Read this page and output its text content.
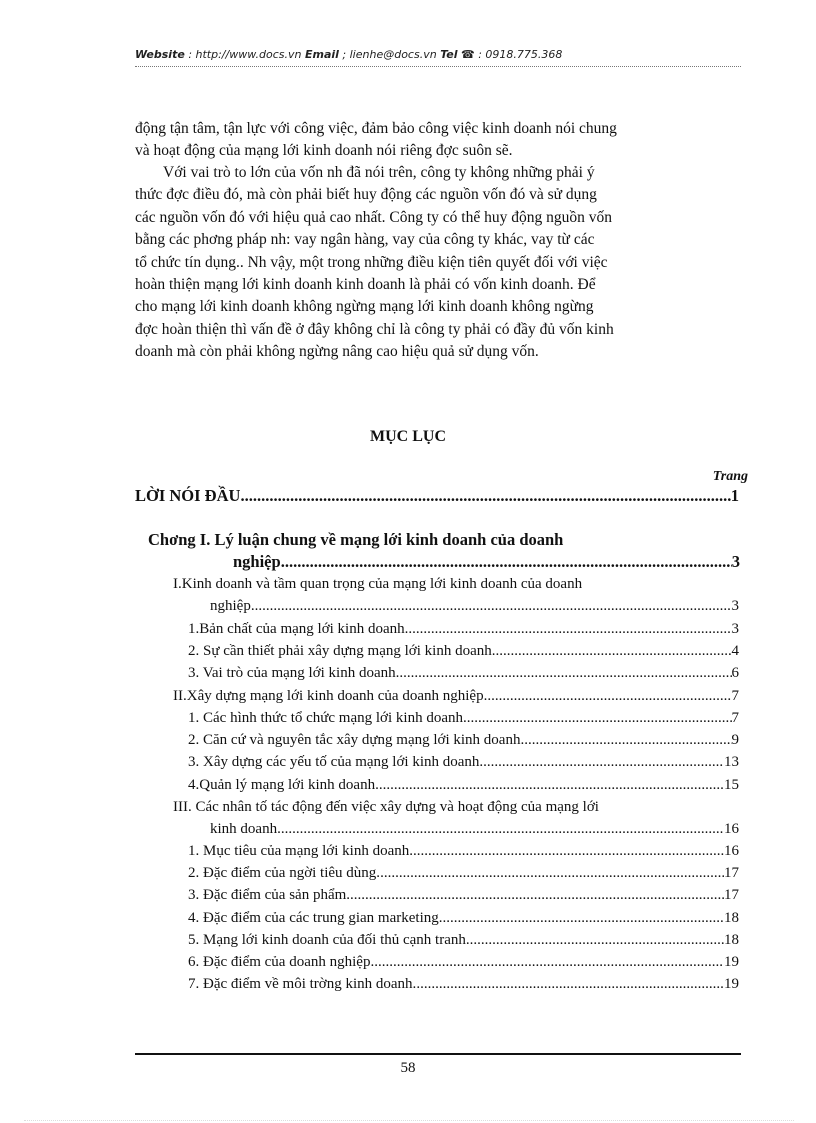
Website : http://www.docs.vn Email ; lienhe@docs.vn Tel ☎ : 0918.775.368
động tận tâm, tận lực với công việc, đảm bảo công việc kinh doanh nói chung
và hoạt động của mạng lới kinh doanh nói riêng đợc suôn sẽ.
Với vai trò to lớn của vốn nh đã nói trên, công ty không những phải ý
thức đợc điều đó, mà còn phải biết huy động các nguồn vốn đó và sử dụng
các nguồn vốn đó với hiệu quả cao nhất. Công ty có thể huy động nguồn vốn
bằng các phơng pháp nh: vay ngân hàng, vay của công ty khác, vay từ các
tổ chức tín dụng.. Nh vậy, một trong những điều kiện tiên quyết đối với việc
hoàn thiện mạng lới kinh doanh kinh doanh là phải có vốn kinh doanh. Để
cho mạng lới kinh doanh không ngừng mạng lới kinh doanh không ngừng
đợc hoàn thiện thì vấn đề ở đây không chỉ là công ty phải có đầy đủ vốn kinh
doanh mà còn phải không ngừng nâng cao hiệu quả sử dụng vốn.
MỤC LỤC
Trang
LỜI NÓI ĐẦU .....	1
Chơng I. Lý luận chung về mạng lới kinh doanh của doanh
nghiệp .....	3
I.Kinh doanh và tầm quan trọng của mạng lới kinh doanh của doanh
nghiệp. .....	3
1.Bản chất của mạng lới kinh doanh. .....	3
2. Sự cần thiết phải xây dựng mạng lới kinh doanh. .....	4
3. Vai trò của mạng lới kinh doanh. .....	6
II.Xây dựng mạng lới kinh doanh của doanh nghiệp. .....	7
1. Các hình thức tổ chức mạng lới kinh doanh. .....	7
2. Căn cứ và nguyên tắc xây dựng mạng lới kinh doanh. .....	9
3. Xây dựng các yếu tố của mạng lới kinh doanh. .....	13
4.Quản lý mạng lới kinh doanh. .....	15
III. Các nhân tố tác động đến việc xây dựng và hoạt động của mạng lới
kinh doanh. .....	16
1. Mục tiêu của mạng lới kinh doanh. .....	16
2. Đặc điểm của ngời tiêu dùng. .....	17
3. Đặc điểm của sản phẩm. .....	17
4. Đặc điểm của các trung gian marketing. .....	18
5. Mạng lới kinh doanh của đối thủ cạnh tranh. .....	18
6. Đặc điểm của doanh nghiệp. .....	19
7. Đặc điểm về môi trờng kinh doanh. .....	19
58
